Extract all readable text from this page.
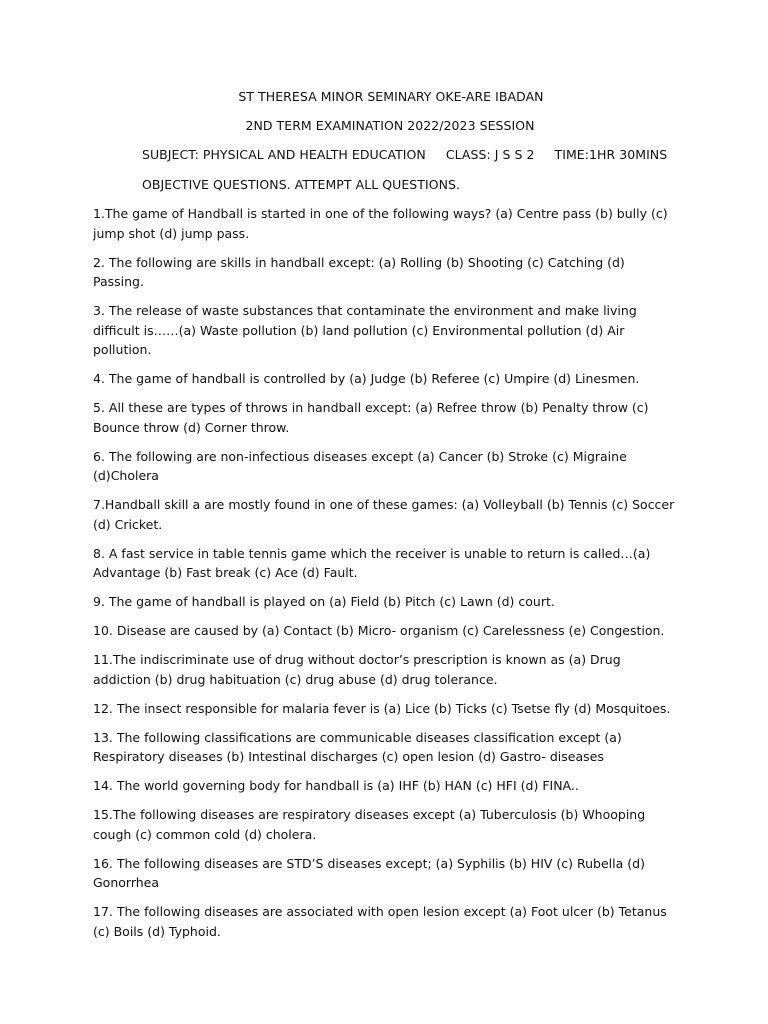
ST THERESA MINOR SEMINARY OKE-ARE IBADAN
2ND TERM EXAMINATION 2022/2023 SESSION
SUBJECT: PHYSICAL AND HEALTH EDUCATION CLASS: J S S 2 TIME:1HR 30MINS
OBJECTIVE QUESTIONS. ATTEMPT ALL QUESTIONS.

1.The game of Handball is started in one of the following ways? (a) Centre pass (b) bully (c) jump shot (d) jump pass.

2. The following are skills in handball except: (a) Rolling (b) Shooting (c) Catching (d) Passing.

3. The release of waste substances that contaminate the environment and make living difficult is……(a) Waste pollution (b) land pollution (c) Environmental pollution (d) Air pollution.

4. The game of handball is controlled by (a) Judge (b) Referee (c) Umpire (d) Linesmen.

5. All these are types of throws in handball except: (a) Refree throw (b) Penalty throw (c) Bounce throw (d) Corner throw.

6. The following are non-infectious diseases except (a) Cancer (b) Stroke (c) Migraine (d)Cholera

7.Handball skill a are mostly found in one of these games: (a) Volleyball (b) Tennis (c) Soccer (d) Cricket.

8. A fast service in table tennis game which the receiver is unable to return is called…(a) Advantage (b) Fast break (c) Ace (d) Fault.

9. The game of handball is played on (a) Field (b) Pitch (c) Lawn (d) court.

10. Disease are caused by (a) Contact (b) Micro- organism (c) Carelessness (e) Congestion.

11.The indiscriminate use of drug without doctor’s prescription is known as (a) Drug addiction (b) drug habituation (c) drug abuse (d) drug tolerance.

12. The insect responsible for malaria fever is (a) Lice (b) Ticks (c) Tsetse fly (d) Mosquitoes.

13. The following classifications are communicable diseases classification except (a) Respiratory diseases (b) Intestinal discharges (c) open lesion (d) Gastro- diseases

14. The world governing body for handball is (a) IHF (b) HAN (c) HFI (d) FINA..

15.The following diseases are respiratory diseases except (a) Tuberculosis (b) Whooping cough (c) common cold (d) cholera.

16. The following diseases are STD’S diseases except; (a) Syphilis (b) HIV (c) Rubella (d) Gonorrhea

17. The following diseases are associated with open lesion except (a) Foot ulcer (b) Tetanus (c) Boils (d) Typhoid.
